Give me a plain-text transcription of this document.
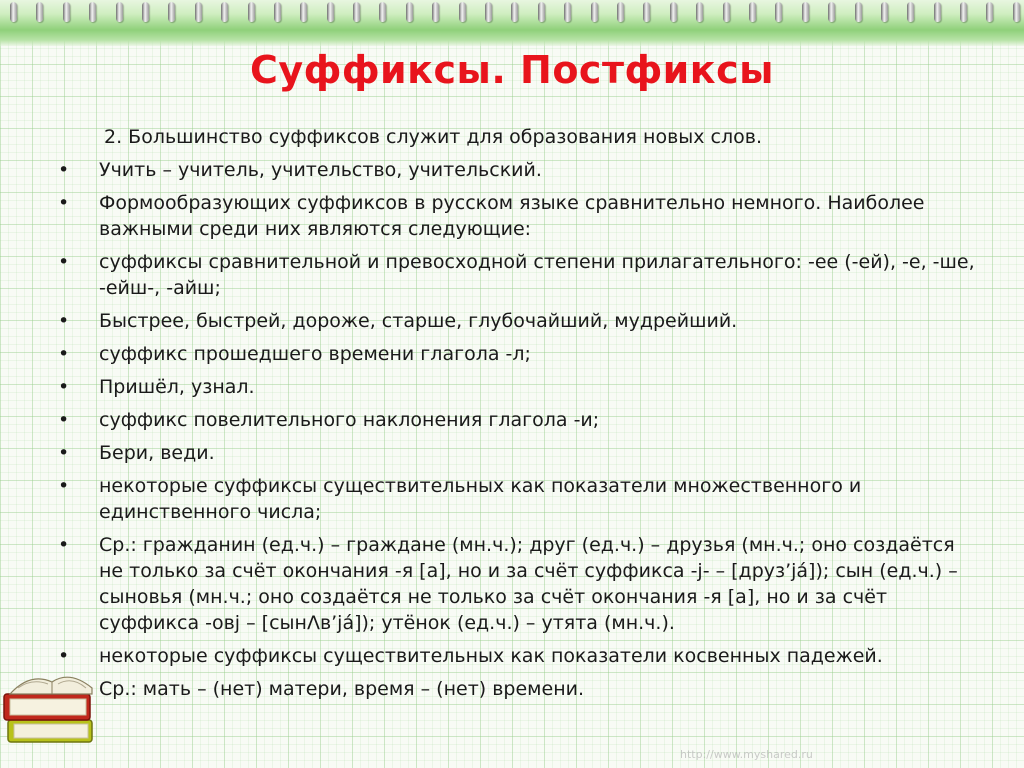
Суффиксы. Постфиксы

2. Большинство суффиксов служит для образования новых слов.

• Учить – учитель, учительство, учительский.
• Формообразующих суффиксов в русском языке сравнительно немного. Наиболее важными среди них являются следующие:
• суффиксы сравнительной и превосходной степени прилагательного: -ее (-ей), -е, -ше, -ейш-, -айш;
• Быстрее, быстрей, дороже, старше, глубочайший, мудрейший.
• суффикс прошедшего времени глагола -л;
• Пришёл, узнал.
• суффикс повелительного наклонения глагола -и;
• Бери, веди.
• некоторые суффиксы существительных как показатели множественного и единственного числа;
• Ср.: гражданин (ед.ч.) – граждане (мн.ч.); друг (ед.ч.) – друзья (мн.ч.; оно создаётся не только за счёт окончания -я [а], но и за счёт суффикса -j- – [друз’jа́]); сын (ед.ч.) – сыновья (мн.ч.; оно создаётся не только за счёт окончания -я [а], но и за счёт суффикса -овj – [сынΛв’jа́]); утёнок (ед.ч.) – утята (мн.ч.).
• некоторые суффиксы существительных как показатели косвенных падежей.
Ср.: мать – (нет) матери, время – (нет) времени.
http://www.myshared.ru
